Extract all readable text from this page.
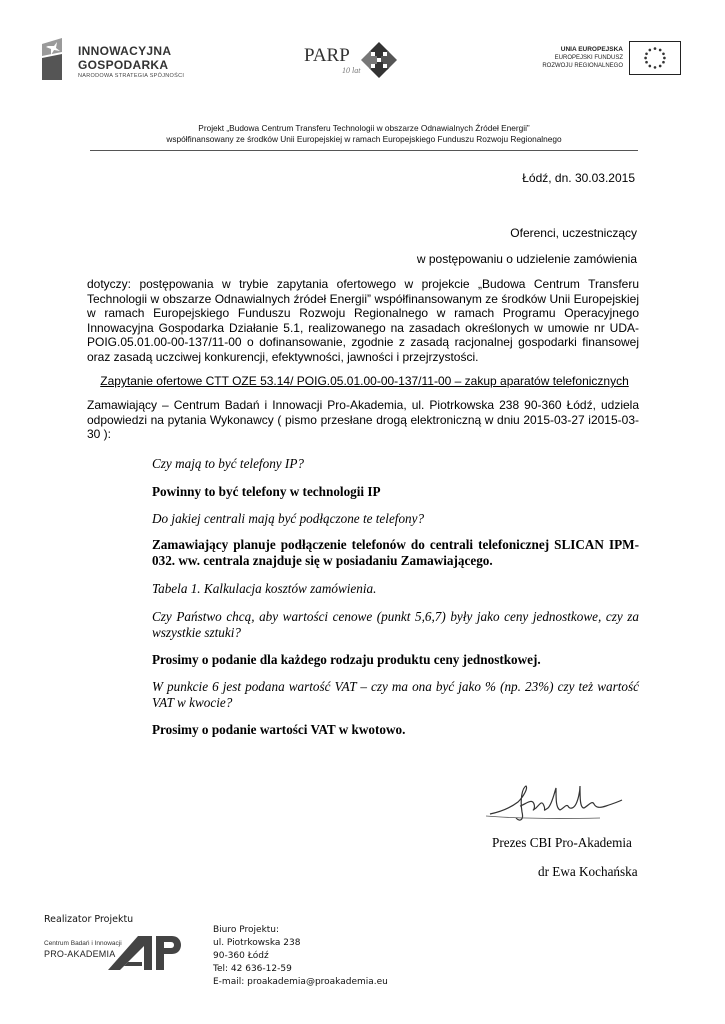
INNOWACYJNA
GOSPODARKA
NARODOWA STRATEGIA SPÓJNOŚCI
PARP
10 lat
UNIA EUROPEJSKA
EUROPEJSKI FUNDUSZ
ROZWOJU REGIONALNEGO
Projekt „Budowa Centrum Transferu Technologii w obszarze Odnawialnych Źródeł Energii”
współfinansowany ze środków Unii Europejskiej w ramach Europejskiego Funduszu Rozwoju Regionalnego
Łódź, dn. 30.03.2015
Oferenci, uczestniczący
w postępowaniu o udzielenie zamówienia
dotyczy: postępowania w trybie zapytania ofertowego w projekcie „Budowa Centrum Transferu Technologii w obszarze Odnawialnych źródeł Energii” współfinansowanym ze środków Unii Europejskiej w ramach Europejskiego Funduszu Rozwoju Regionalnego w ramach Programu Operacyjnego Innowacyjna Gospodarka Działanie 5.1, realizowanego na zasadach określonych w umowie nr UDA-POIG.05.01.00-00-137/11-00 o dofinansowanie, zgodnie z zasadą racjonalnej gospodarki finansowej oraz zasadą uczciwej konkurencji, efektywności, jawności i przejrzystości.
Zapytanie ofertowe CTT OZE 53.14/ POIG.05.01.00-00-137/11-00 – zakup aparatów telefonicznych
Zamawiający – Centrum Badań i Innowacji Pro-Akademia, ul. Piotrkowska 238 90-360 Łódź, udziela odpowiedzi na pytania Wykonawcy ( pismo przesłane drogą elektroniczną w dniu 2015-03-27 i2015-03-30 ):
Czy mają to być telefony IP?
Powinny to być telefony w technologii IP
Do jakiej centrali mają być podłączone te telefony?
Zamawiający planuje podłączenie telefonów do centrali telefonicznej SLICAN IPM-032. ww. centrala znajduje się w posiadaniu Zamawiającego.
Tabela 1. Kalkulacja kosztów zamówienia.
Czy Państwo chcą, aby wartości cenowe (punkt 5,6,7) były jako ceny jednostkowe, czy za wszystkie sztuki?
Prosimy o podanie dla każdego rodzaju produktu ceny jednostkowej.
W punkcie 6 jest podana wartość VAT – czy ma ona być jako % (np. 23%) czy też wartość VAT w kwocie?
Prosimy o podanie wartości VAT w kwotowo.
Prezes CBI Pro-Akademia
dr Ewa Kochańska
Realizator Projektu
Centrum Badań i Innowacji
PRO-AKADEMIA
Biuro Projektu:
ul. Piotrkowska 238
90-360 Łódź
Tel: 42 636-12-59
E-mail: proakademia@proakademia.eu
